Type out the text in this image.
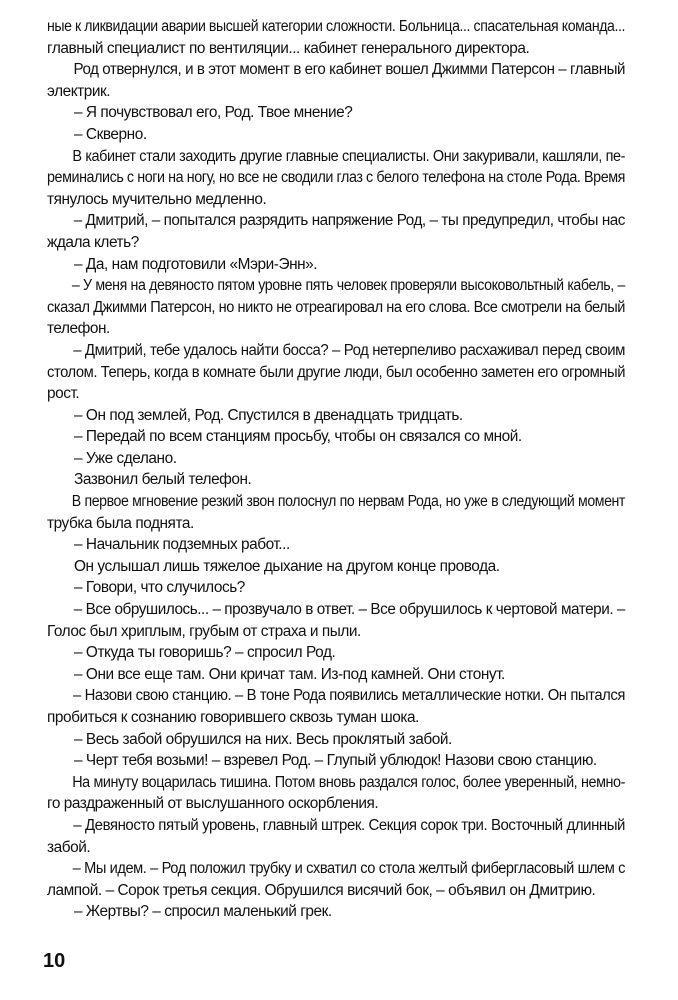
ные к ликвидации аварии высшей категории сложности. Больница... спасательная команда...
главный специалист по вентиляции... кабинет генерального директора.
Род отвернулся, и в этот момент в его кабинет вошел Джимми Патерсон – главный
электрик.
– Я почувствовал его, Род. Твое мнение?
– Скверно.
В кабинет стали заходить другие главные специалисты. Они закуривали, кашляли, пе-
реминались с ноги на ногу, но все не сводили глаз с белого телефона на столе Рода. Время
тянулось мучительно медленно.
– Дмитрий, – попытался разрядить напряжение Род, – ты предупредил, чтобы нас
ждала клеть?
– Да, нам подготовили «Мэри-Энн».
– У меня на девяносто пятом уровне пять человек проверяли высоковольтный кабель, –
сказал Джимми Патерсон, но никто не отреагировал на его слова. Все смотрели на белый
телефон.
– Дмитрий, тебе удалось найти босса? – Род нетерпеливо расхаживал перед своим
столом. Теперь, когда в комнате были другие люди, был особенно заметен его огромный
рост.
– Он под землей, Род. Спустился в двенадцать тридцать.
– Передай по всем станциям просьбу, чтобы он связался со мной.
– Уже сделано.
Зазвонил белый телефон.
В первое мгновение резкий звон полоснул по нервам Рода, но уже в следующий момент
трубка была поднята.
– Начальник подземных работ...
Он услышал лишь тяжелое дыхание на другом конце провода.
– Говори, что случилось?
– Все обрушилось... – прозвучало в ответ. – Все обрушилось к чертовой матери. –
Голос был хриплым, грубым от страха и пыли.
– Откуда ты говоришь? – спросил Род.
– Они все еще там. Они кричат там. Из-под камней. Они стонут.
– Назови свою станцию. – В тоне Рода появились металлические нотки. Он пытался
пробиться к сознанию говорившего сквозь туман шока.
– Весь забой обрушился на них. Весь проклятый забой.
– Черт тебя возьми! – взревел Род. – Глупый ублюдок! Назови свою станцию.
На минуту воцарилась тишина. Потом вновь раздался голос, более уверенный, немно-
го раздраженный от выслушанного оскорбления.
– Девяносто пятый уровень, главный штрек. Секция сорок три. Восточный длинный
забой.
– Мы идем. – Род положил трубку и схватил со стола желтый фибергласовый шлем с
лампой. – Сорок третья секция. Обрушился висячий бок, – объявил он Дмитрию.
– Жертвы? – спросил маленький грек.
10
